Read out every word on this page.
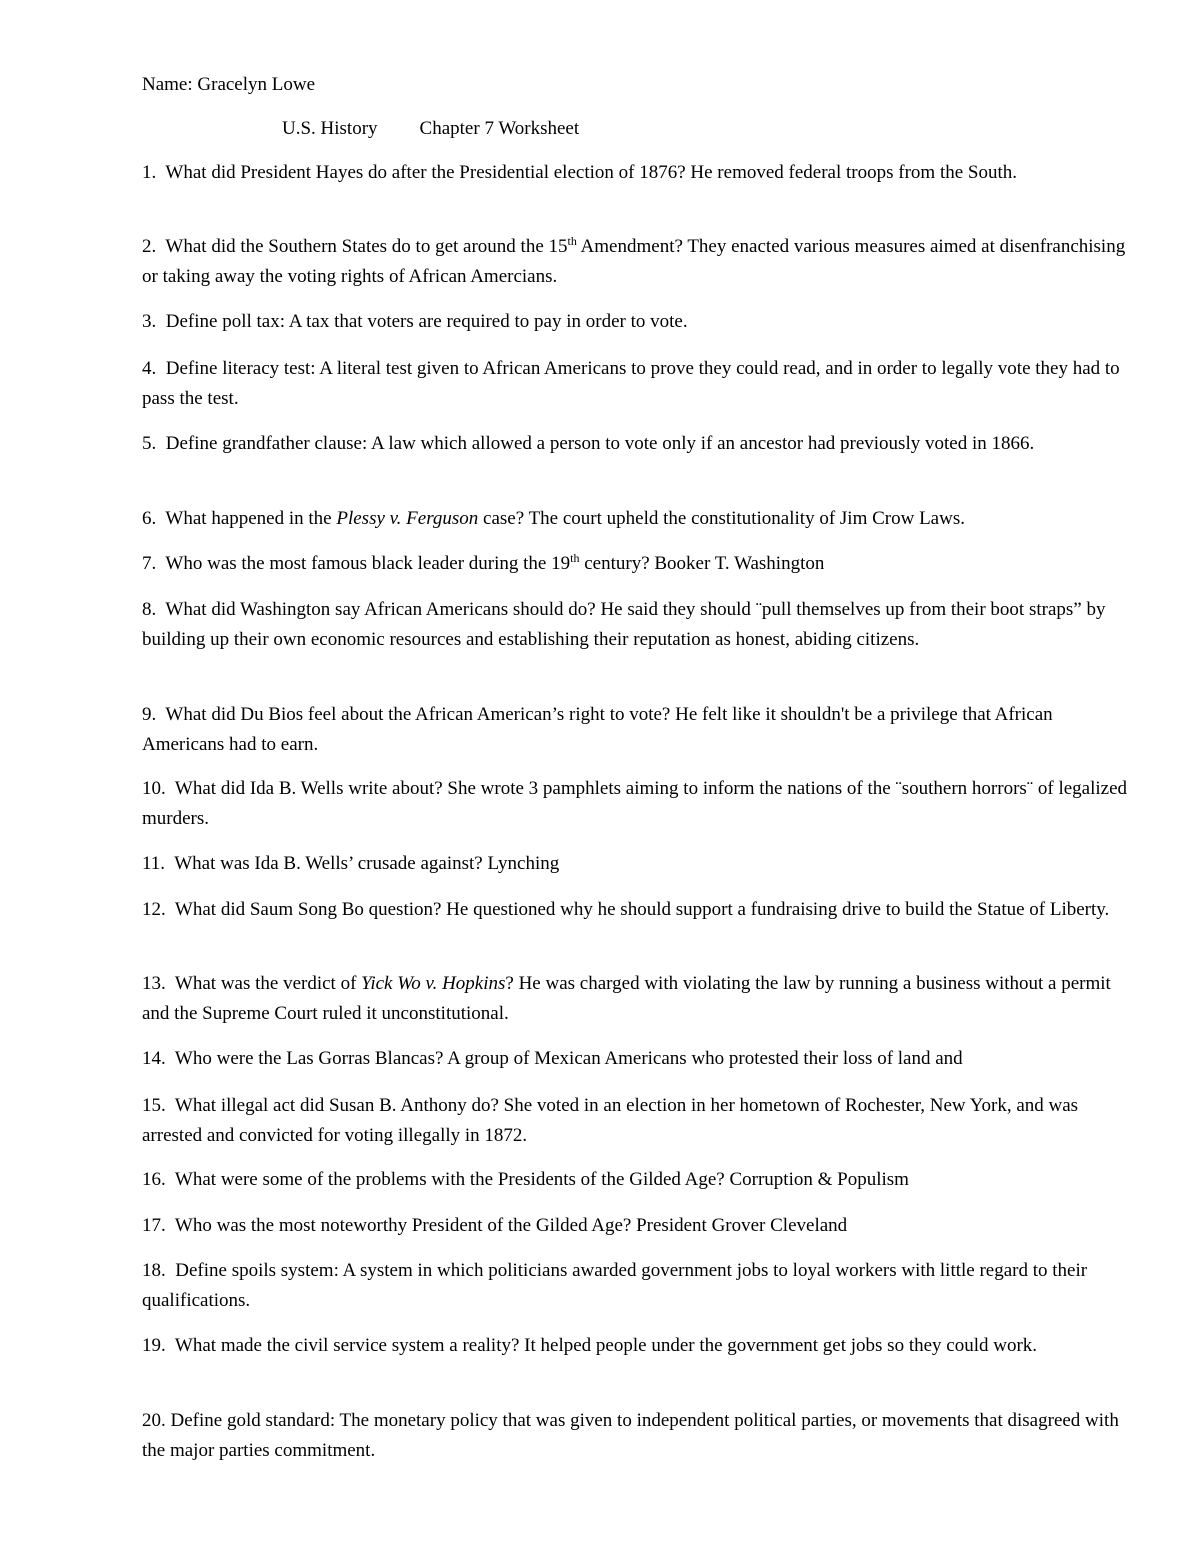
Name: Gracelyn Lowe
U.S. History Chapter 7 Worksheet

1. What did President Hayes do after the Presidential election of 1876? He removed federal troops from the South.

2. What did the Southern States do to get around the 15th Amendment? They enacted various measures aimed at disenfranchising or taking away the voting rights of African Amercians.

3. Define poll tax: A tax that voters are required to pay in order to vote.

4. Define literacy test: A literal test given to African Americans to prove they could read, and in order to legally vote they had to pass the test.

5. Define grandfather clause: A law which allowed a person to vote only if an ancestor had previously voted in 1866.

6. What happened in the Plessy v. Ferguson case? The court upheld the constitutionality of Jim Crow Laws.

7. Who was the most famous black leader during the 19th century? Booker T. Washington

8. What did Washington say African Americans should do? He said they should ¨pull themselves up from their boot straps” by building up their own economic resources and establishing their reputation as honest, abiding citizens.

9. What did Du Bios feel about the African American’s right to vote? He felt like it shouldn't be a privilege that African Americans had to earn.

10. What did Ida B. Wells write about? She wrote 3 pamphlets aiming to inform the nations of the ¨southern horrors¨ of legalized murders.

11. What was Ida B. Wells’ crusade against? Lynching

12. What did Saum Song Bo question? He questioned why he should support a fundraising drive to build the Statue of Liberty.

13. What was the verdict of Yick Wo v. Hopkins? He was charged with violating the law by running a business without a permit and the Supreme Court ruled it unconstitutional.

14. Who were the Las Gorras Blancas? A group of Mexican Americans who protested their loss of land and

15. What illegal act did Susan B. Anthony do? She voted in an election in her hometown of Rochester, New York, and was arrested and convicted for voting illegally in 1872.

16. What were some of the problems with the Presidents of the Gilded Age? Corruption & Populism

17. Who was the most noteworthy President of the Gilded Age? President Grover Cleveland

18. Define spoils system: A system in which politicians awarded government jobs to loyal workers with little regard to their qualifications.

19. What made the civil service system a reality? It helped people under the government get jobs so they could work.

20. Define gold standard: The monetary policy that was given to independent political parties, or movements that disagreed with the major parties commitment.
